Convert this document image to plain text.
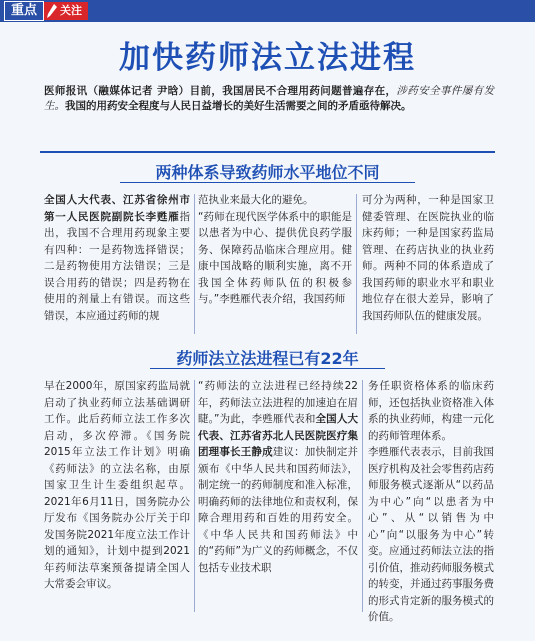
重点	关注
加快药师法立法进程
医师报讯（融媒体记者 尹晗）目前，我国居民不合理用药问题普遍存在，涉药安全事件屡有发生。我国的用药安全程度与人民日益增长的美好生活需要之间的矛盾亟待解决。
两种体系导致药师水平地位不同

全国人大代表、江苏省徐州市第一人民医院副院长李甦雁指出，我国不合理用药现象主要有四种：一是药物选择错误；二是药物使用方法错误；三是误合用药的错误；四是药物在使用的剂量上有错误。而这些错误，本应通过药师的规

范执业来最大化的避免。

“药师在现代医学体系中的职能是以患者为中心、提供优良药学服务、保障药品临床合理应用。健康中国战略的顺利实施，离不开我国全体药师队伍的积极参与。”李甦雁代表介绍，我国药师

可分为两种，一种是国家卫健委管理、在医院执业的临床药师；一种是国家药监局管理、在药店执业的执业药师。两种不同的体系造成了我国药师的职业水平和职业地位存在很大差异，影响了我国药师队伍的健康发展。

药师法立法进程已有22年

早在2000年，原国家药监局就启动了执业药师立法基础调研工作。此后药师立法工作多次启动，多次停滞。《国务院2015年立法工作计划》明确《药师法》的立法名称，由原国家卫生计生委组织起草。2021年6月11日，国务院办公厅发布《国务院办公厅关于印发国务院2021年度立法工作计划的通知》，计划中提到2021年药师法草案预备提请全国人大常委会审议。

“药师法的立法进程已经持续22年，药师法立法进程的加速迫在眉睫。”为此，李甦雁代表和全国人大代表、江苏省苏北人民医院医疗集团理事长王静成建议：加快制定并颁布《中华人民共和国药师法》，制定统一的药师制度和准入标准，明确药师的法律地位和责权利，保障合理用药和百姓的用药安全。《中华人民共和国药师法》中的“药师”为广义的药师概念，不仅包括专业技术职

务任职资格体系的临床药师，还包括执业资格准入体系的执业药师，构建一元化的药师管理体系。

李甦雁代表表示，目前我国医疗机构及社会零售药店药师服务模式逐渐从“以药品为中心”向“以患者为中心”、从“以销售为中心”向“以服务为中心”转变。应通过药师法立法的指引价值，推动药师服务模式的转变，并通过药事服务费的形式肯定新的服务模式的价值。
